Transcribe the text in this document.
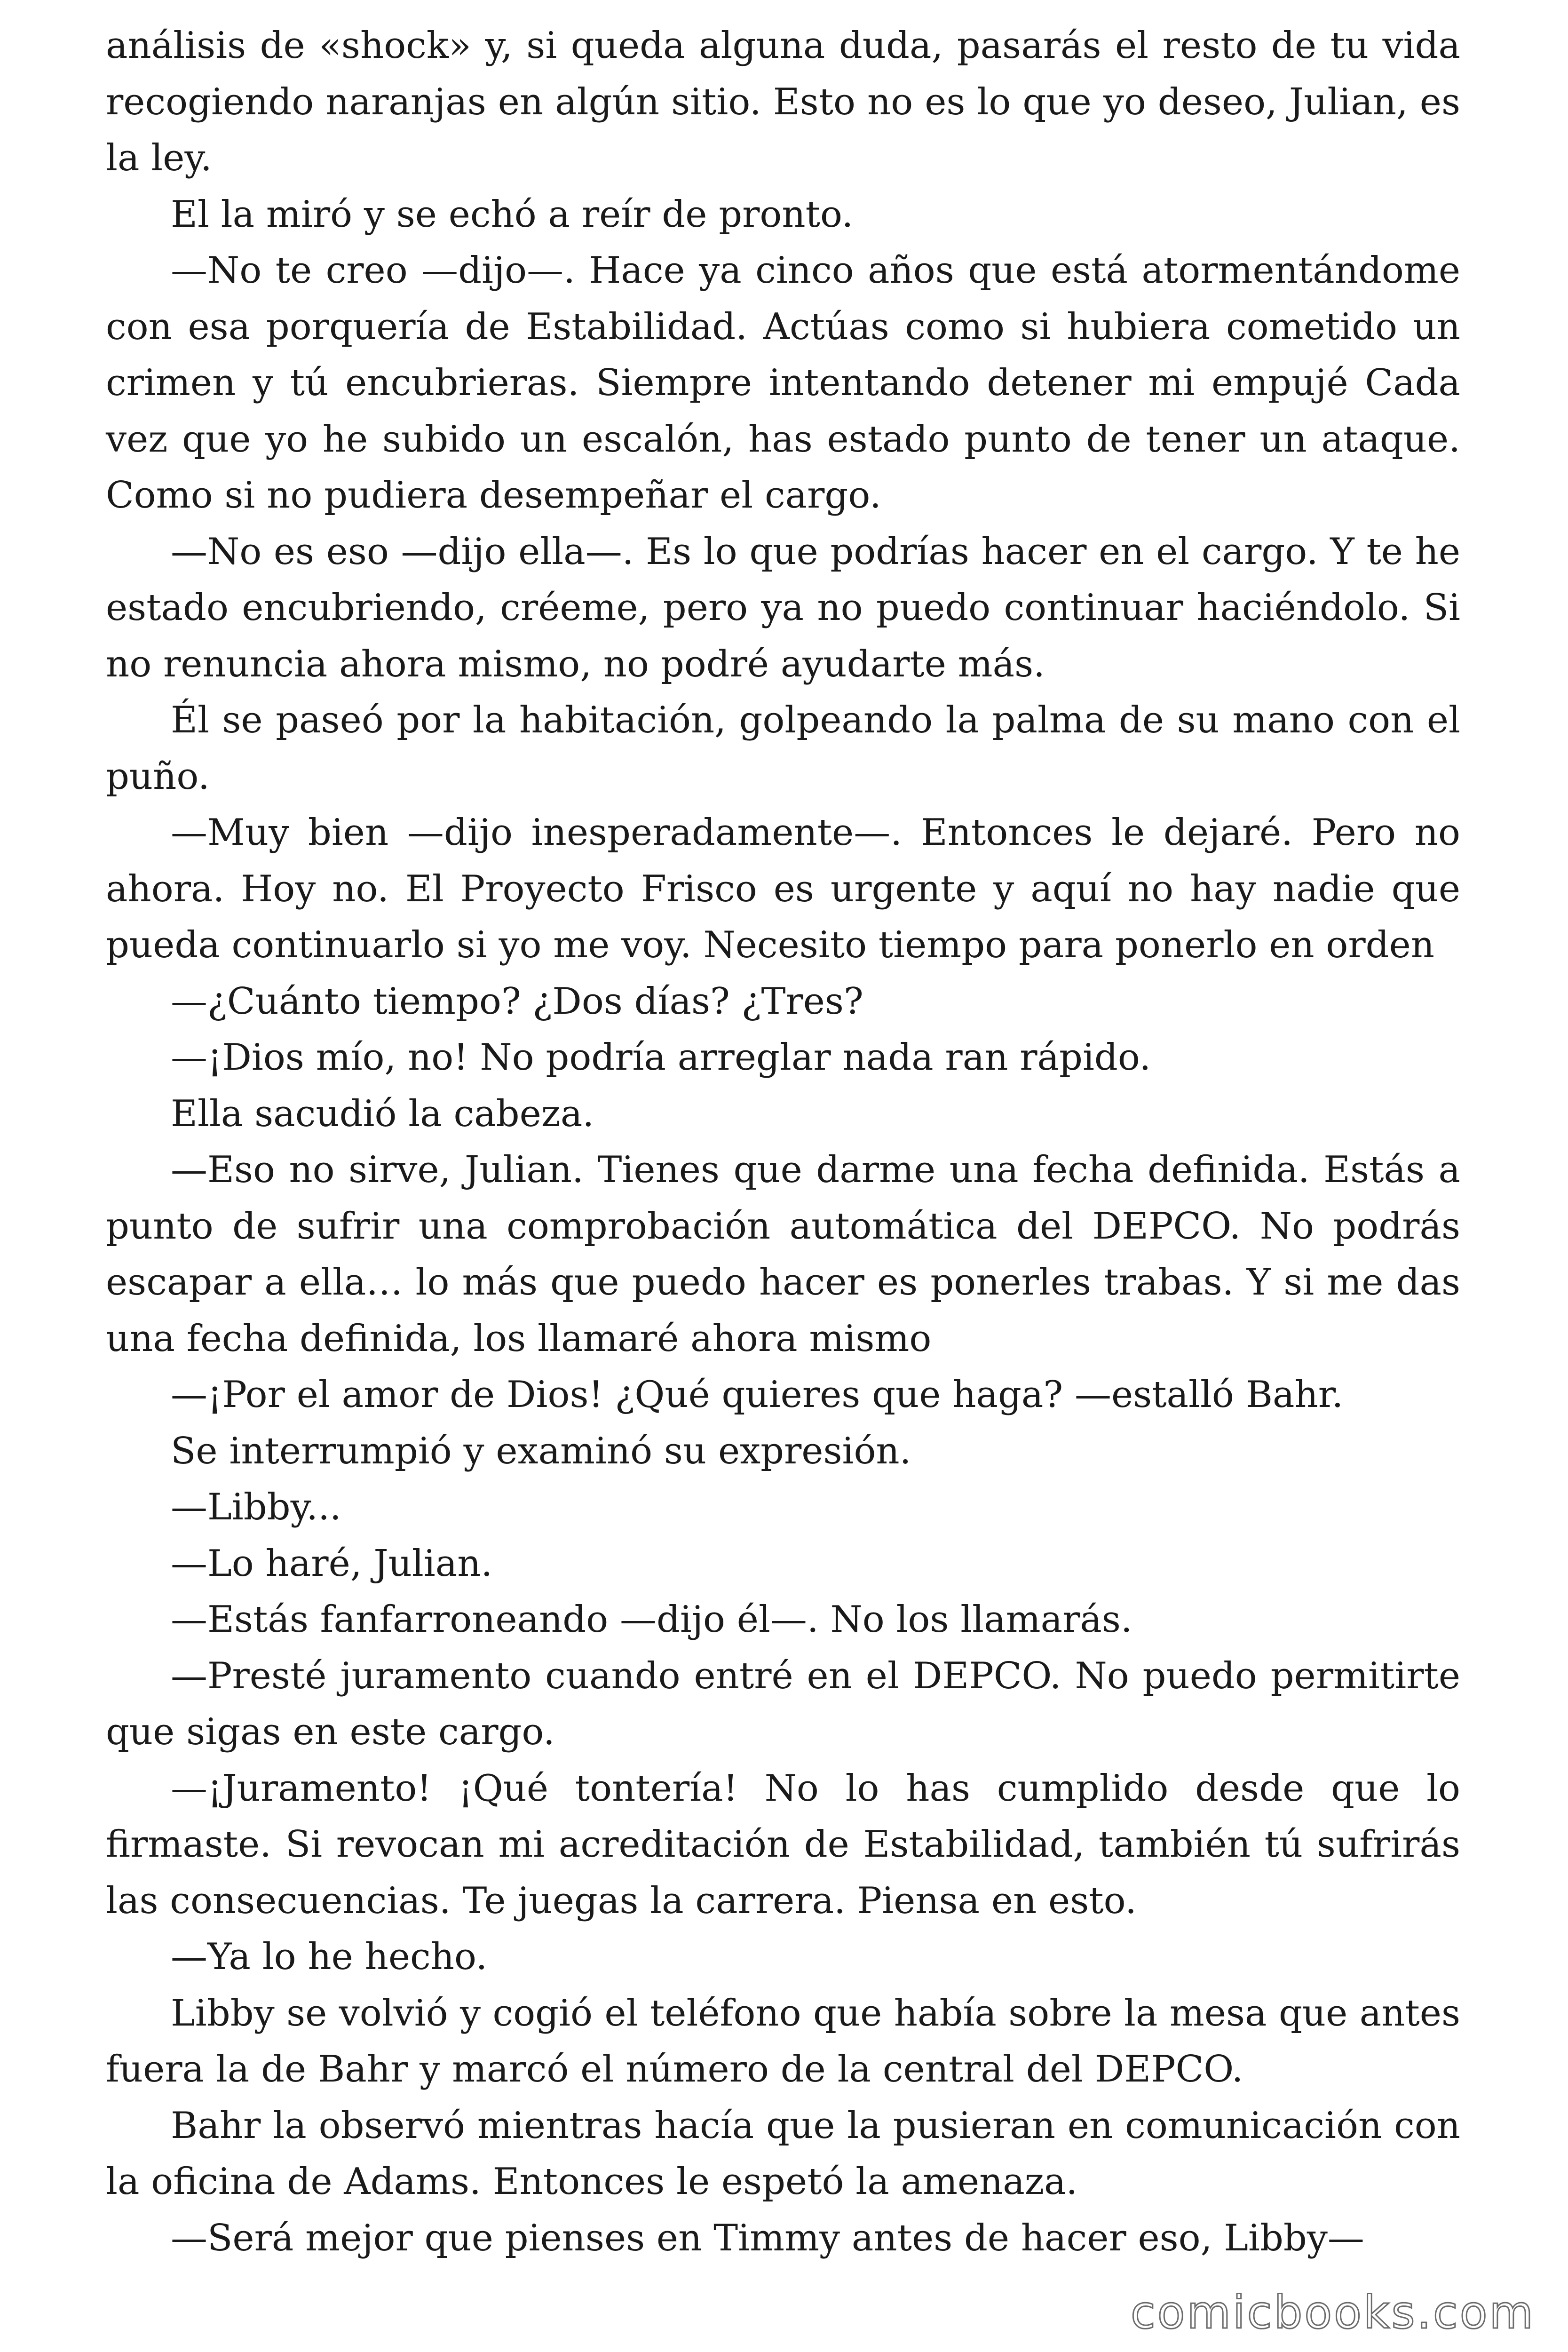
análisis de «shock» y, si queda alguna duda, pasarás el resto de tu vida recogiendo naranjas en algún sitio. Esto no es lo que yo deseo, Julian, es la ley.

El la miró y se echó a reír de pronto.

—No te creo —dijo—. Hace ya cinco años que está atormentándome con esa porquería de Estabilidad. Actúas como si hubiera cometido un crimen y tú encubrieras. Siempre intentando detener mi empujé Cada vez que yo he subido un escalón, has estado punto de tener un ataque. Como si no pudiera desempeñar el cargo.

—No es eso —dijo ella—. Es lo que podrías hacer en el cargo. Y te he estado encubriendo, créeme, pero ya no puedo continuar haciéndolo. Si no renuncia ahora mismo, no podré ayudarte más.

Él se paseó por la habitación, golpeando la palma de su mano con el puño.

—Muy bien —dijo inesperadamente—. Entonces le dejaré. Pero no ahora. Hoy no. El Proyecto Frisco es urgente y aquí no hay nadie que pueda continuarlo si yo me voy. Necesito tiempo para ponerlo en orden

—¿Cuánto tiempo? ¿Dos días? ¿Tres?

—¡Dios mío, no! No podría arreglar nada ran rápido.

Ella sacudió la cabeza.

—Eso no sirve, Julian. Tienes que darme una fecha definida. Estás a punto de sufrir una comprobación automática del DEPCO. No podrás escapar a ella… lo más que puedo hacer es ponerles trabas. Y si me das una fecha definida, los llamaré ahora mismo

—¡Por el amor de Dios! ¿Qué quieres que haga? —estalló Bahr.

Se interrumpió y examinó su expresión.

—Libby...

—Lo haré, Julian.

—Estás fanfarroneando —dijo él—. No los llamarás.

—Presté juramento cuando entré en el DEPCO. No puedo permitirte que sigas en este cargo.

—¡Juramento! ¡Qué tontería! No lo has cumplido desde que lo firmaste. Si revocan mi acreditación de Estabilidad, también tú sufrirás las consecuencias. Te juegas la carrera. Piensa en esto.

—Ya lo he hecho.

Libby se volvió y cogió el teléfono que había sobre la mesa que antes fuera la de Bahr y marcó el número de la central del DEPCO.

Bahr la observó mientras hacía que la pusieran en comunicación con la oficina de Adams. Entonces le espetó la amenaza.

—Será mejor que pienses en Timmy antes de hacer eso, Libby—

comicbooks.com
